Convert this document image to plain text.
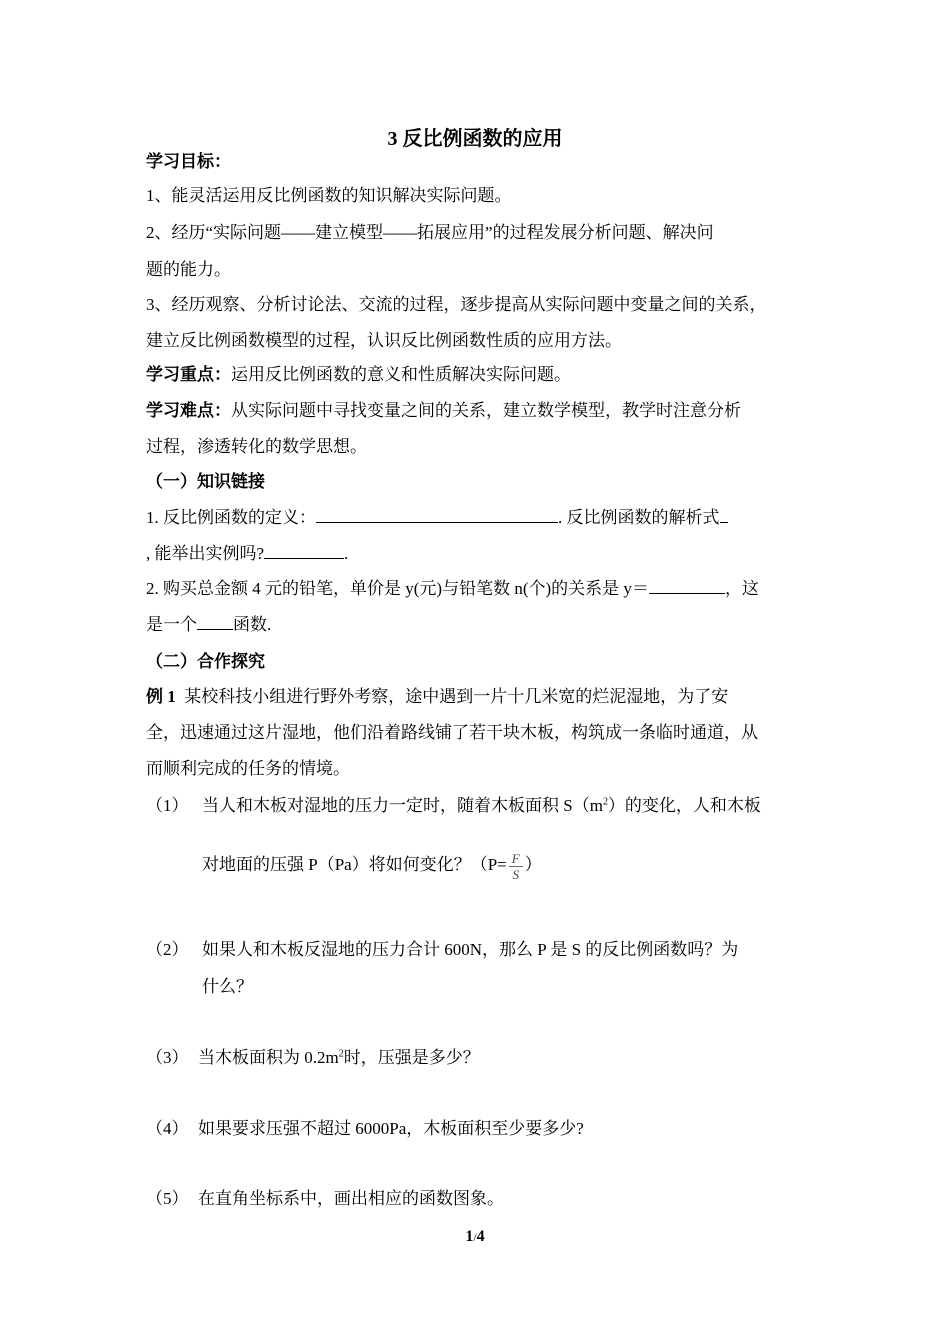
3 反比例函数的应用
学习目标：
1、能灵活运用反比例函数的知识解决实际问题。
2、经历“实际问题——建立模型——拓展应用”的过程发展分析问题、解决问
题的能力。
3、经历观察、分析讨论法、交流的过程，逐步提高从实际问题中变量之间的关系，
建立反比例函数模型的过程，认识反比例函数性质的应用方法。
学习重点：运用反比例函数的意义和性质解决实际问题。
学习难点：从实际问题中寻找变量之间的关系，建立数学模型，教学时注意分析
过程，渗透转化的数学思想。
（一）知识链接
1. 反比例函数的定义：	. 反比例函数的解析式
, 能举出实例吗?	.
2. 购买总金额 4 元的铅笔，单价是 y(元)与铅笔数 n(个)的关系是 y＝	，这
是一个 函数.
（二）合作探究
例 1 某校科技小组进行野外考察，途中遇到一片十几米宽的烂泥湿地，为了安
全，迅速通过这片湿地，他们沿着路线铺了若干块木板，构筑成一条临时通道，从
而顺利完成的任务的情境。
（1） 当人和木板对湿地的压力一定时，随着木板面积 $S(m^2)$的变化，人和木板
对地面的压强 P（Pa）将如何变化？（$P= \frac{F}{S}$ ）
（2） 如果人和木板反湿地的压力合计 600N，那么 P 是 S 的反比例函数吗？为
什么？
（3） 当木板面积为 $0.2m^2$时，压强是多少？
（4） 如果要求压强不超过 6000Pa，木板面积至少要多少?
（5） 在直角坐标系中，画出相应的函数图象。
1/4
